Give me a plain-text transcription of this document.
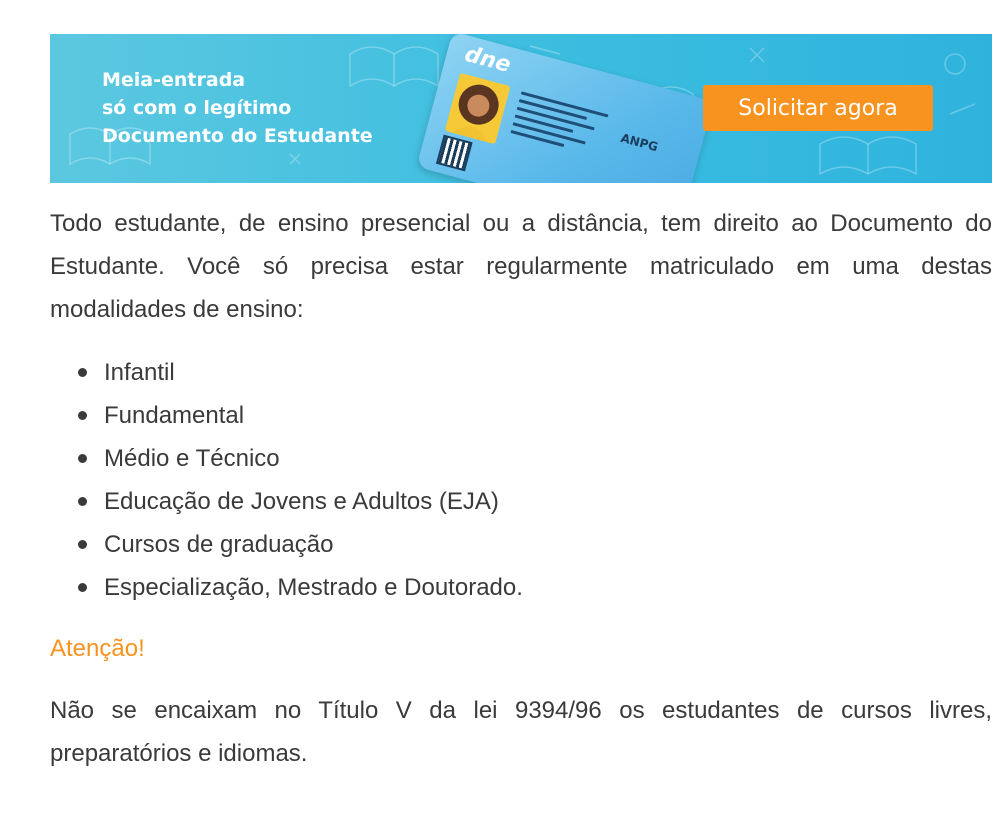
Meia-entrada
só com o legítimo
Documento do Estudante
dne
ANPG
Solicitar agora

Todo estudante, de ensino presencial ou a distância, tem direito ao Documento do Estudante. Você só precisa estar regularmente matriculado em uma destas modalidades de ensino:

Infantil
Fundamental
Médio e Técnico
Educação de Jovens e Adultos (EJA)
Cursos de graduação
Especialização, Mestrado e Doutorado.

Atenção!

Não se encaixam no Título V da lei 9394/96 os estudantes de cursos livres, preparatórios e idiomas.
